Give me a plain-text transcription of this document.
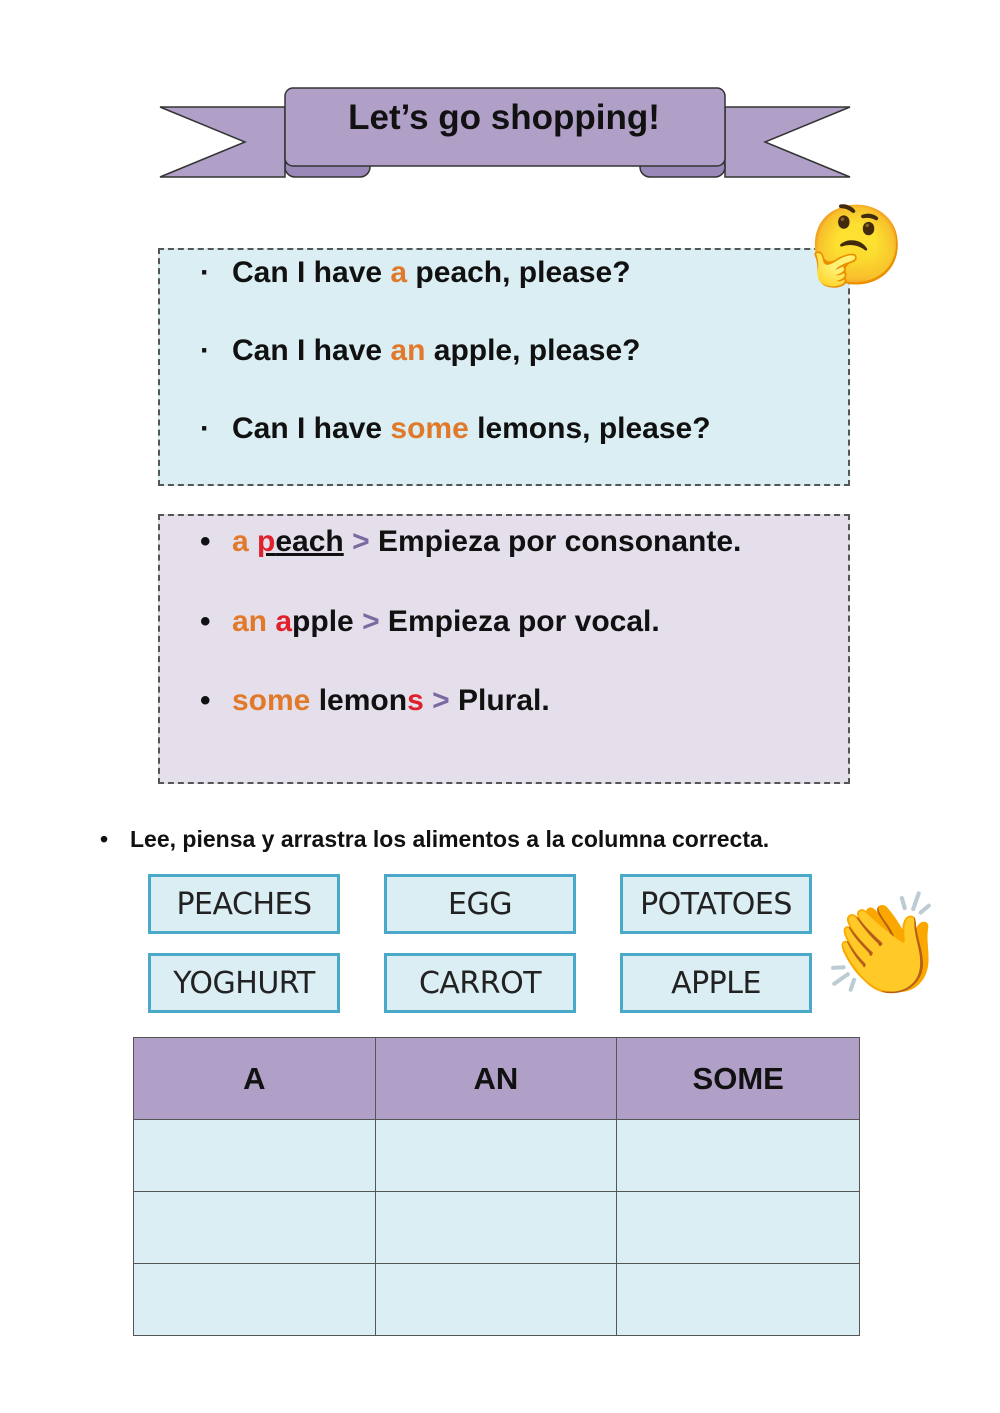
Let’s go shopping!
· Can I have a peach, please?
· Can I have an apple, please?
· Can I have some lemons, please?
🤔
• a peach > Empieza por consonante.
• an apple > Empieza por vocal.
• some lemons > Plural.
• Lee, piensa y arrastra los alimentos a la columna correcta.
PEACHES	EGG	POTATOES
YOGHURT	CARROT	APPLE 👏
A	AN	SOME
